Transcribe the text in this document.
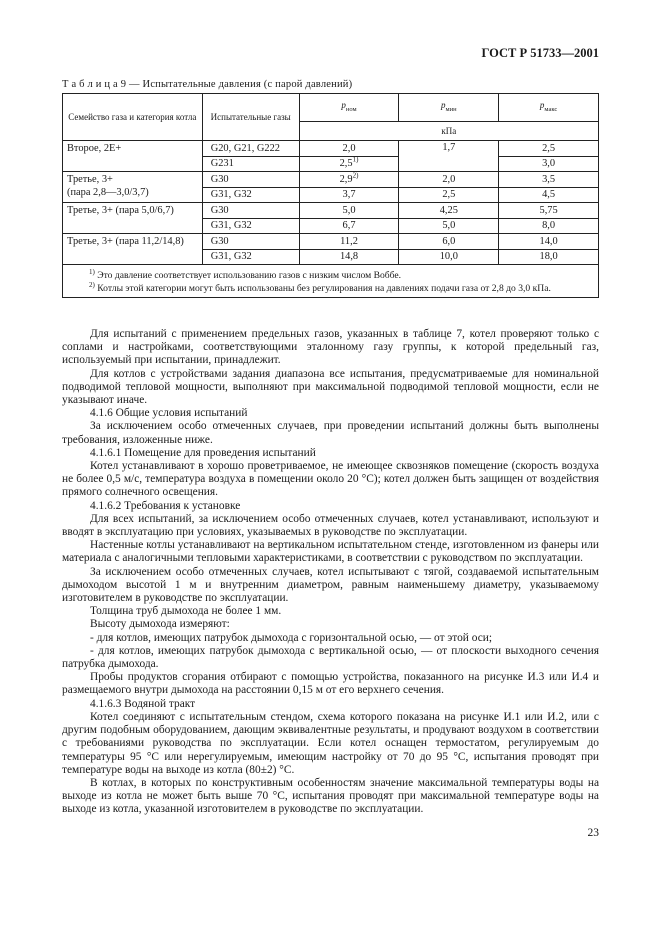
ГОСТ Р 51733—2001
Т а б л и ц а 9 — Испытательные давления (с парой давлений)
Семейство газа и категория котла	Испытательные газы	$p_{ном}$	$p_{мин}$	$p_{макс}$
		кПа		
Второе, 2Е+	G20, G21, G222	2,0	1,7	2,5
	G231	2,5$^{1)}$		3,0
Третье, 3+
(пара 2,8—3,0/3,7)	G30	2,9$^{2)}$	2,0	3,5
	G31, G32	3,7	2,5	4,5
Третье, 3+ (пара 5,0/6,7)	G30	5,0	4,25	5,75
	G31, G32	6,7	5,0	8,0
Третье, 3+ (пара 11,2/14,8)	G30	11,2	6,0	14,0
	G31, G32	14,8	10,0	18,0

$^{1)}$ Это давление соответствует использованию газов с низким числом Воббе.
$^{2)}$ Котлы этой категории могут быть использованы без регулирования на давлениях подачи газа от 2,8 до 3,0 кПа.				

Для испытаний с применением предельных газов, указанных в таблице 7, котел проверяют только с соплами и настройками, соответствующими эталонному газу группы, к которой предельный газ, используемый при испытании, принадлежит.

Для котлов с устройствами задания диапазона все испытания, предусматриваемые для номинальной подводимой тепловой мощности, выполняют при максимальной подводимой тепловой мощности, если не указывают иначе.

4.1.6 Общие условия испытаний

За исключением особо отмеченных случаев, при проведении испытаний должны быть выполнены требования, изложенные ниже.

4.1.6.1 Помещение для проведения испытаний

Котел устанавливают в хорошо проветриваемое, не имеющее сквозняков помещение (скорость воздуха не более 0,5 м/с, температура воздуха в помещении около 20 °С); котел должен быть защищен от воздействия прямого солнечного освещения.

4.1.6.2 Требования к установке

Для всех испытаний, за исключением особо отмеченных случаев, котел устанавливают, используют и вводят в эксплуатацию при условиях, указываемых в руководстве по эксплуатации.

Настенные котлы устанавливают на вертикальном испытательном стенде, изготовленном из фанеры или материала с аналогичными тепловыми характеристиками, в соответствии с руководством по эксплуатации.

За исключением особо отмеченных случаев, котел испытывают с тягой, создаваемой испытательным дымоходом высотой 1 м и внутренним диаметром, равным наименьшему диаметру, указываемому изготовителем в руководстве по эксплуатации.

Толщина труб дымохода не более 1 мм.

Высоту дымохода измеряют:

- для котлов, имеющих патрубок дымохода с горизонтальной осью, — от этой оси;

- для котлов, имеющих патрубок дымохода с вертикальной осью, — от плоскости выходного сечения патрубка дымохода.

Пробы продуктов сгорания отбирают с помощью устройства, показанного на рисунке И.3 или И.4 и размещаемого внутри дымохода на расстоянии 0,15 м от его верхнего сечения.

4.1.6.3 Водяной тракт

Котел соединяют с испытательным стендом, схема которого показана на рисунке И.1 или И.2, или с другим подобным оборудованием, дающим эквивалентные результаты, и продувают воздухом в соответствии с требованиями руководства по эксплуатации. Если котел оснащен термостатом, регулируемым до температуры 95 °С или нерегулируемым, имеющим настройку от 70 до 95 °С, испытания проводят при температуре воды на выходе из котла (80±2) °С.

В котлах, в которых по конструктивным особенностям значение максимальной температуры воды на выходе из котла не может быть выше 70 °С, испытания проводят при максимальной температуре воды на выходе из котла, указанной изготовителем в руководстве по эксплуатации.

23
